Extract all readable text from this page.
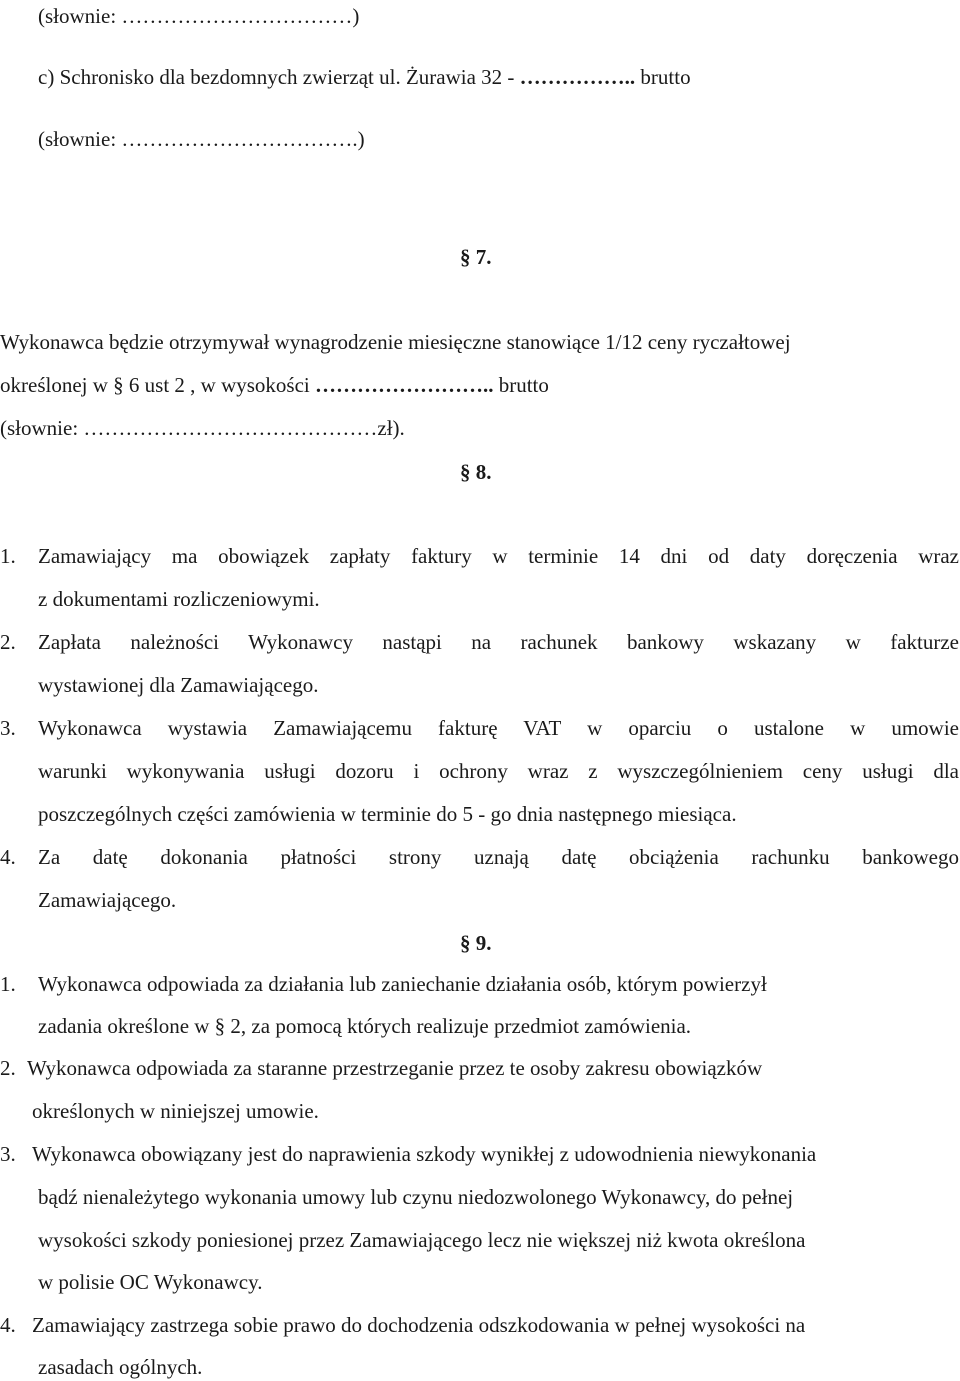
(słownie: ……………………………)
c) Schronisko dla bezdomnych zwierząt ul. Żurawia 32 - …………….. brutto
(słownie: …………………………….)
§ 7.
Wykonawca będzie otrzymywał wynagrodzenie miesięczne stanowiące 1/12 ceny ryczałtowej
określonej w § 6 ust 2 , w wysokości …………………….. brutto
(słownie: ……………………………………zł).
§ 8.
1. Zamawiający ma obowiązek zapłaty faktury w terminie 14 dni od daty doręczenia wraz
z dokumentami rozliczeniowymi.
2. Zapłata należności Wykonawcy nastąpi na rachunek bankowy wskazany w fakturze
wystawionej dla Zamawiającego.
3. Wykonawca wystawia Zamawiającemu fakturę VAT w oparciu o ustalone w umowie
warunki wykonywania usługi dozoru i ochrony wraz z wyszczególnieniem ceny usługi dla
poszczególnych części zamówienia w terminie do 5 - go dnia następnego miesiąca.
4. Za datę dokonania płatności strony uznają datę obciążenia rachunku bankowego
Zamawiającego.
§ 9.
1. Wykonawca odpowiada za działania lub zaniechanie działania osób, którym powierzył
zadania określone w § 2, za pomocą których realizuje przedmiot zamówienia.
2. Wykonawca odpowiada za staranne przestrzeganie przez te osoby zakresu obowiązków
określonych w niniejszej umowie.
3. Wykonawca obowiązany jest do naprawienia szkody wynikłej z udowodnienia niewykonania
bądź nienależytego wykonania umowy lub czynu niedozwolonego Wykonawcy, do pełnej
wysokości szkody poniesionej przez Zamawiającego lecz nie większej niż kwota określona
w polisie OC Wykonawcy.
4. Zamawiający zastrzega sobie prawo do dochodzenia odszkodowania w pełnej wysokości na
zasadach ogólnych.
